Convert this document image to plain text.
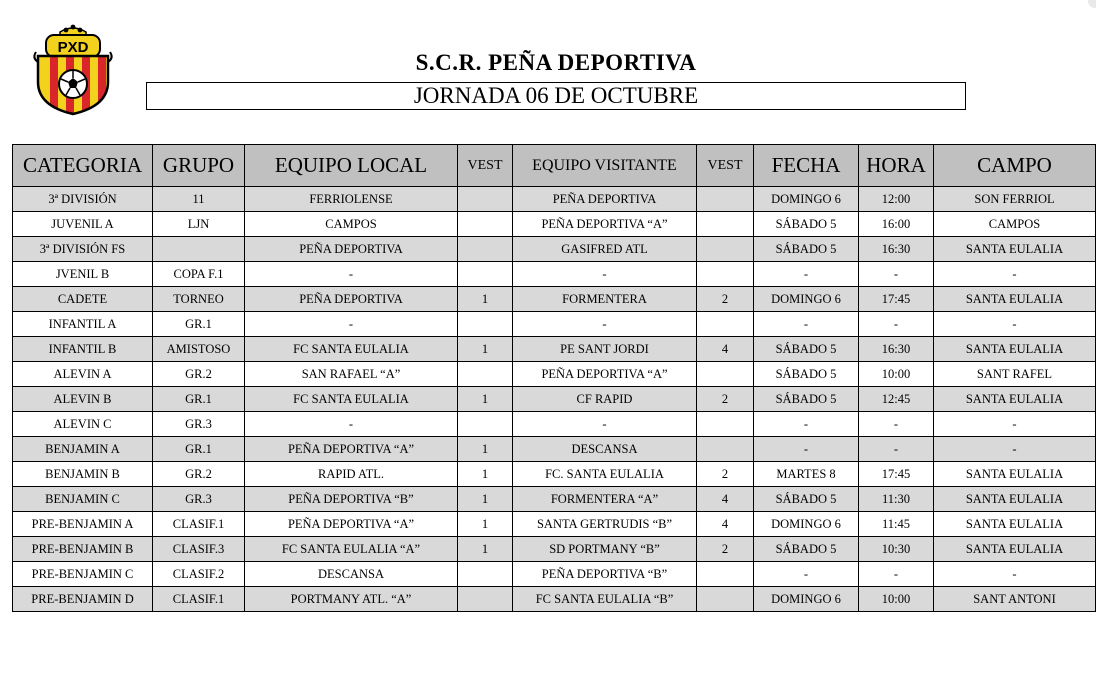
PXD
S.C.R. PEÑA DEPORTIVA
JORNADA 06 DE OCTUBRE
CATEGORIA	GRUPO	EQUIPO LOCAL	VEST	EQUIPO VISITANTE	VEST	FECHA	HORA	CAMPO
3ª DIVISIÓN	11	FERRIOLENSE		PEÑA DEPORTIVA		DOMINGO 6	12:00	SON FERRIOL
JUVENIL A	LJN	CAMPOS		PEÑA DEPORTIVA “A”		SÁBADO 5	16:00	CAMPOS
3ª DIVISIÓN FS		PEÑA DEPORTIVA		GASIFRED ATL		SÁBADO 5	16:30	SANTA EULALIA
JVENIL B	COPA F.1	-		-		-	-	-
CADETE	TORNEO	PEÑA DEPORTIVA	1	FORMENTERA	2	DOMINGO 6	17:45	SANTA EULALIA
INFANTIL A	GR.1	-		-		-	-	-
INFANTIL B	AMISTOSO	FC SANTA EULALIA	1	PE SANT JORDI	4	SÁBADO 5	16:30	SANTA EULALIA
ALEVIN A	GR.2	SAN RAFAEL “A”		PEÑA DEPORTIVA “A”		SÁBADO 5	10:00	SANT RAFEL
ALEVIN B	GR.1	FC SANTA EULALIA	1	CF RAPID	2	SÁBADO 5	12:45	SANTA EULALIA
ALEVIN C	GR.3	-		-		-	-	-
BENJAMIN A	GR.1	PEÑA DEPORTIVA “A”	1	DESCANSA		-	-	-
BENJAMIN B	GR.2	RAPID ATL.	1	FC. SANTA EULALIA	2	MARTES 8	17:45	SANTA EULALIA
BENJAMIN C	GR.3	PEÑA DEPORTIVA “B”	1	FORMENTERA “A”	4	SÁBADO 5	11:30	SANTA EULALIA
PRE-BENJAMIN A	CLASIF.1	PEÑA DEPORTIVA “A”	1	SANTA GERTRUDIS “B”	4	DOMINGO 6	11:45	SANTA EULALIA
PRE-BENJAMIN B	CLASIF.3	FC SANTA EULALIA “A”	1	SD PORTMANY “B”	2	SÁBADO 5	10:30	SANTA EULALIA
PRE-BENJAMIN C	CLASIF.2	DESCANSA		PEÑA DEPORTIVA “B”		-	-	-
PRE-BENJAMIN D	CLASIF.1	PORTMANY ATL. “A”		FC SANTA EULALIA “B”		DOMINGO 6	10:00	SANT ANTONI
